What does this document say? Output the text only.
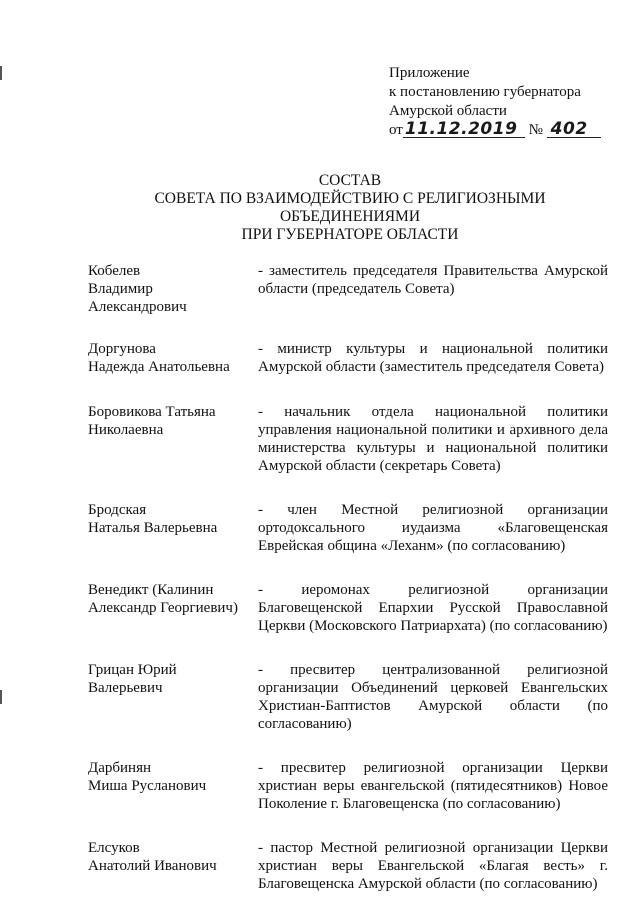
Приложение
к постановлению губернатора
Амурской области
от 11.12.2019 № 402
СОСТАВ
СОВЕТА ПО ВЗАИМОДЕЙСТВИЮ С РЕЛИГИОЗНЫМИ
ОБЪЕДИНЕНИЯМИ
ПРИ ГУБЕРНАТОРЕ ОБЛАСТИ
Кобелев
Владимир
Александрович
- заместитель председателя Правительства Амурской области (председатель Совета)
Доргунова
Надежда Анатольевна
- министр культуры и национальной политики Амурской области (заместитель председателя Совета)
Боровикова Татьяна
Николаевна
- начальник отдела национальной политики управления национальной политики и архивного дела министерства культуры и национальной политики Амурской области (секретарь Совета)
Бродская
Наталья Валерьевна
- член Местной религиозной организации ортодоксального иудаизма «Благовещенская Еврейская община «Леханм» (по согласованию)
Венедикт (Калинин
Александр Георгиевич)
- иеромонах религиозной организации Благовещенской Епархии Русской Православной Церкви (Московского Патриархата) (по согласованию)
Грицан Юрий
Валерьевич
- пресвитер централизованной религиозной организации Объединений церковей Евангельских Христиан-Баптистов Амурской области (по согласованию)
Дарбинян
Миша Русланович
- пресвитер религиозной организации Церкви христиан веры евангельской (пятидесятников) Новое Поколение г. Благовещенска (по согласованию)
Елсуков
Анатолий Иванович
- пастор Местной религиозной организации Церкви христиан веры Евангельской «Благая весть» г. Благовещенска Амурской области (по согласованию)
